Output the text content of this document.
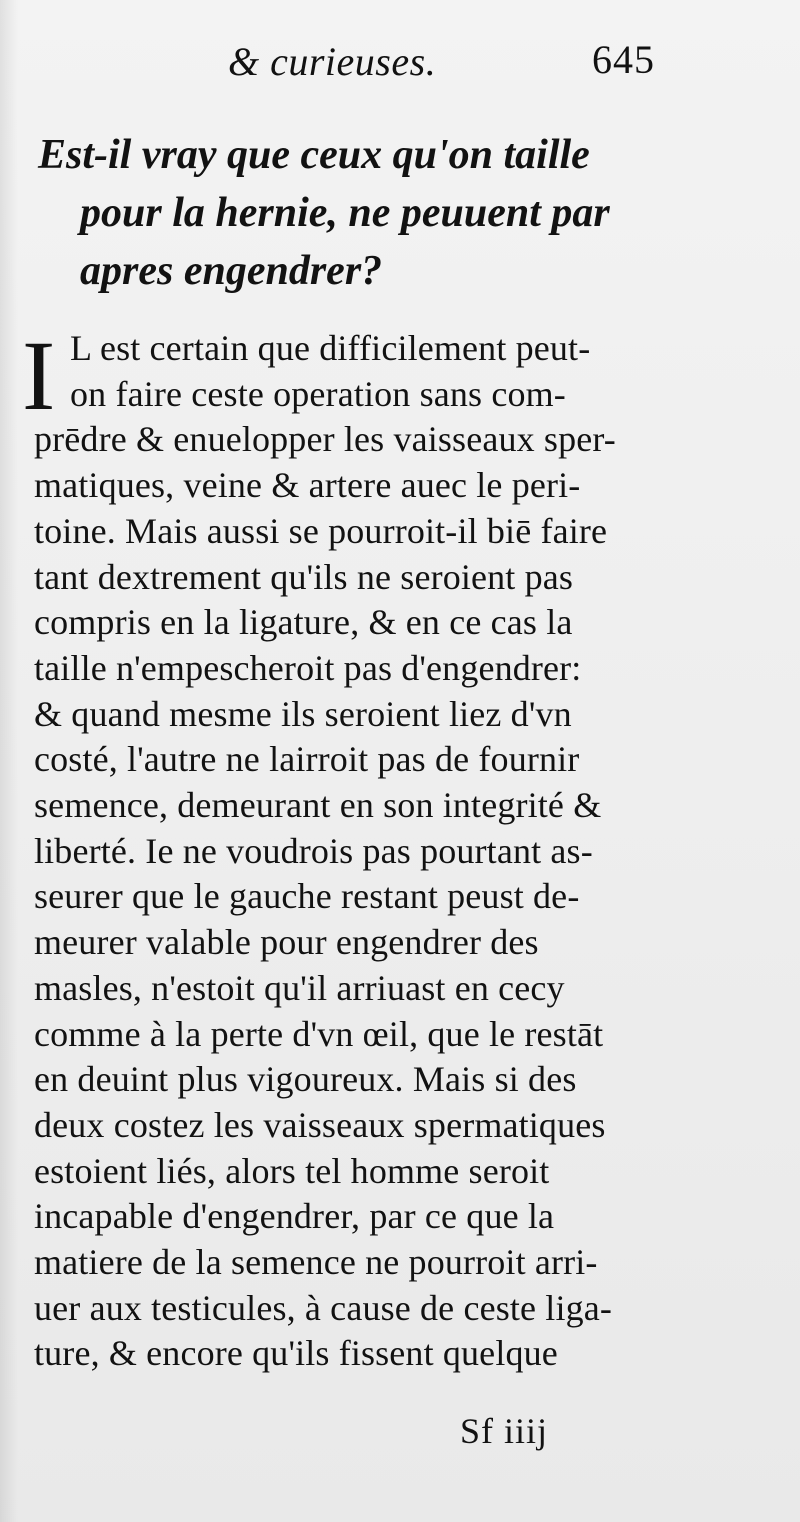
& curieuses.	645
Est-il vray que ceux qu'on taille
pour la hernie, ne peuuent par
apres engendrer?
I L est certain que difficilement peut-
on faire ceste operation sans com-
prēdre & enuelopper les vaisseaux sper-
matiques, veine & artere auec le peri-
toine. Mais aussi se pourroit-il biē faire
tant dextrement qu'ils ne seroient pas
compris en la ligature, & en ce cas la
taille n'empescheroit pas d'engendrer:
& quand mesme ils seroient liez d'vn
costé, l'autre ne lairroit pas de fournir
semence, demeurant en son integrité &
liberté. Ie ne voudrois pas pourtant as-
seurer que le gauche restant peust de-
meurer valable pour engendrer des
masles, n'estoit qu'il arriuast en cecy
comme à la perte d'vn œil, que le restāt
en deuint plus vigoureux. Mais si des
deux costez les vaisseaux spermatiques
estoient liés, alors tel homme seroit
incapable d'engendrer, par ce que la
matiere de la semence ne pourroit arri-
uer aux testicules, à cause de ceste liga-
ture, & encore qu'ils fissent quelque
Sf iiij
